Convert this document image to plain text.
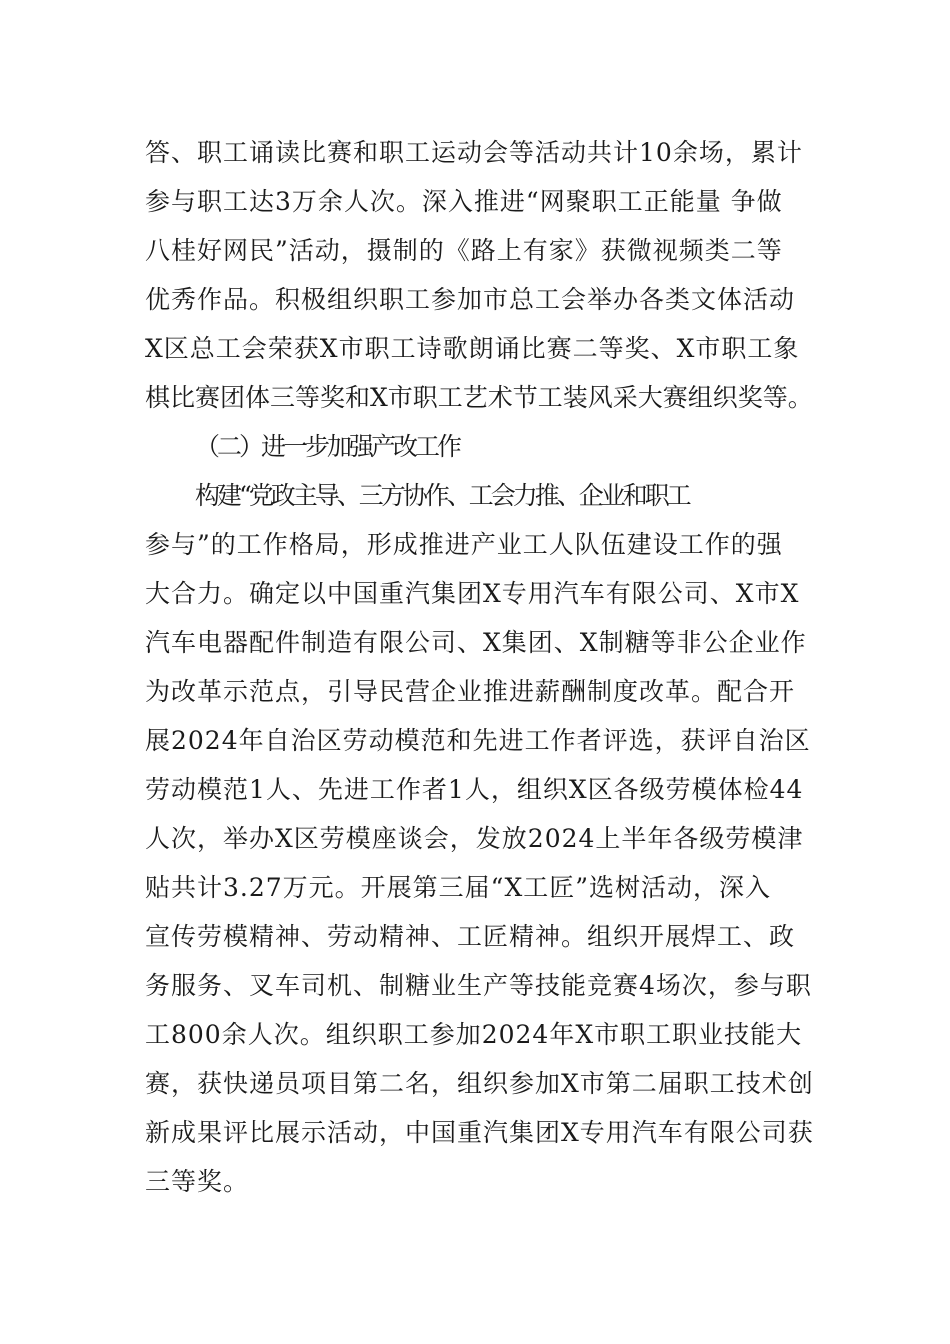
答、职工诵读比赛和职工运动会等活动共计10余场，累计
参与职工达3万余人次。深入推进“网聚职工正能量 争做
八桂好网民”活动，摄制的《路上有家》获微视频类二等
优秀作品。积极组织职工参加市总工会举办各类文体活动
X区总工会荣获X市职工诗歌朗诵比赛二等奖、X市职工象
棋比赛团体三等奖和X市职工艺术节工装风采大赛组织奖等。
（二）进一步加强产改工作
构建“党政主导、三方协作、工会力推、企业和职工
参与”的工作格局，形成推进产业工人队伍建设工作的强
大合力。确定以中国重汽集团X专用汽车有限公司、X市X
汽车电器配件制造有限公司、X集团、X制糖等非公企业作
为改革示范点，引导民营企业推进薪酬制度改革。配合开
展2024年自治区劳动模范和先进工作者评选，获评自治区
劳动模范1人、先进工作者1人，组织X区各级劳模体检44
人次，举办X区劳模座谈会，发放2024上半年各级劳模津
贴共计3.27万元。开展第三届“X工匠”选树活动，深入
宣传劳模精神、劳动精神、工匠精神。组织开展焊工、政
务服务、叉车司机、制糖业生产等技能竞赛4场次，参与职
工800余人次。组织职工参加2024年X市职工职业技能大
赛，获快递员项目第二名，组织参加X市第二届职工技术创
新成果评比展示活动，中国重汽集团X专用汽车有限公司获
三等奖。
